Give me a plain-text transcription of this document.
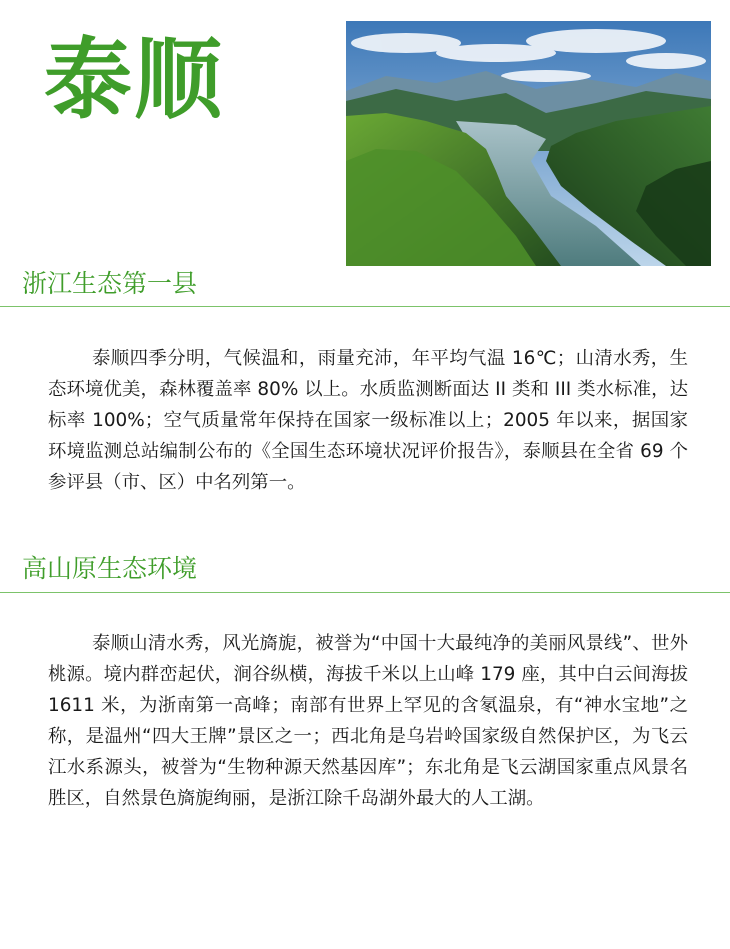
泰顺
浙江生态第一县
泰顺四季分明，气候温和，雨量充沛，年平均气温 16℃；山清水秀，生态环境优美，森林覆盖率 80% 以上。水质监测断面达 II 类和 III 类水标准，达标率 100%；空气质量常年保持在国家一级标准以上；2005 年以来，据国家环境监测总站编制公布的《全国生态环境状况评价报告》，泰顺县在全省 69 个参评县（市、区）中名列第一。
高山原生态环境
泰顺山清水秀，风光旖旎，被誉为“中国十大最纯净的美丽风景线”、世外桃源。境内群峦起伏，涧谷纵横，海拔千米以上山峰 179 座，其中白云间海拔 1611 米，为浙南第一高峰；南部有世界上罕见的含氡温泉，有“神水宝地”之称，是温州“四大王牌”景区之一；西北角是乌岩岭国家级自然保护区，为飞云江水系源头，被誉为“生物种源天然基因库”；东北角是飞云湖国家重点风景名胜区，自然景色旖旎绚丽，是浙江除千岛湖外最大的人工湖。
